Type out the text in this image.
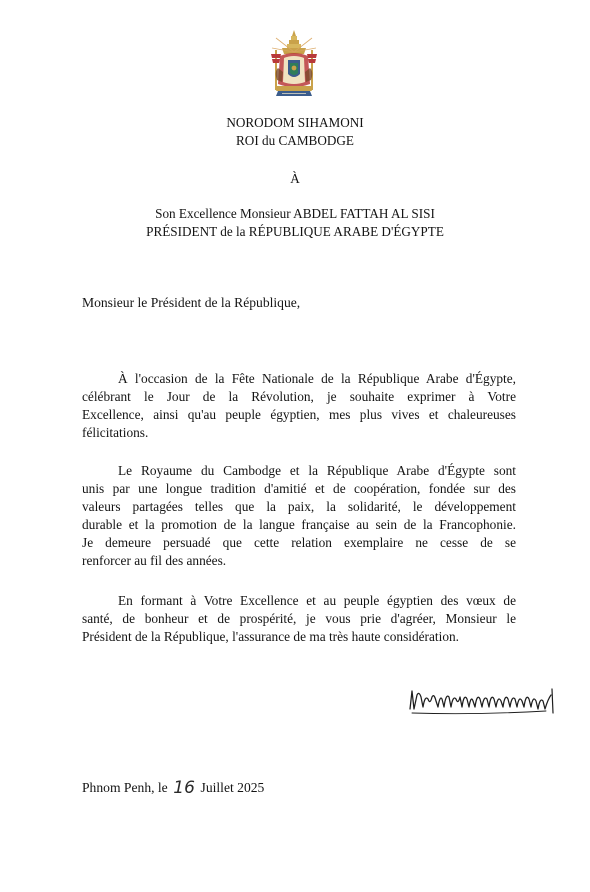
NORODOM SIHAMONI
ROI du CAMBODGE
À
Son Excellence Monsieur ABDEL FATTAH AL SISI
PRÉSIDENT de la RÉPUBLIQUE ARABE D'ÉGYPTE
Monsieur le Président de la République,
À l'occasion de la Fête Nationale de la République Arabe d'Égypte,
célébrant le Jour de la Révolution, je souhaite exprimer à Votre
Excellence, ainsi qu'au peuple égyptien, mes plus vives et chaleureuses
félicitations.
Le Royaume du Cambodge et la République Arabe d'Égypte sont
unis par une longue tradition d'amitié et de coopération, fondée sur des
valeurs partagées telles que la paix, la solidarité, le développement
durable et la promotion de la langue française au sein de la Francophonie.
Je demeure persuadé que cette relation exemplaire ne cesse de se
renforcer au fil des années.
En formant à Votre Excellence et au peuple égyptien des vœux de
santé, de bonheur et de prospérité, je vous prie d'agréer, Monsieur le
Président de la République, l'assurance de ma très haute considération.
Phnom Penh, le 16 Juillet 2025
